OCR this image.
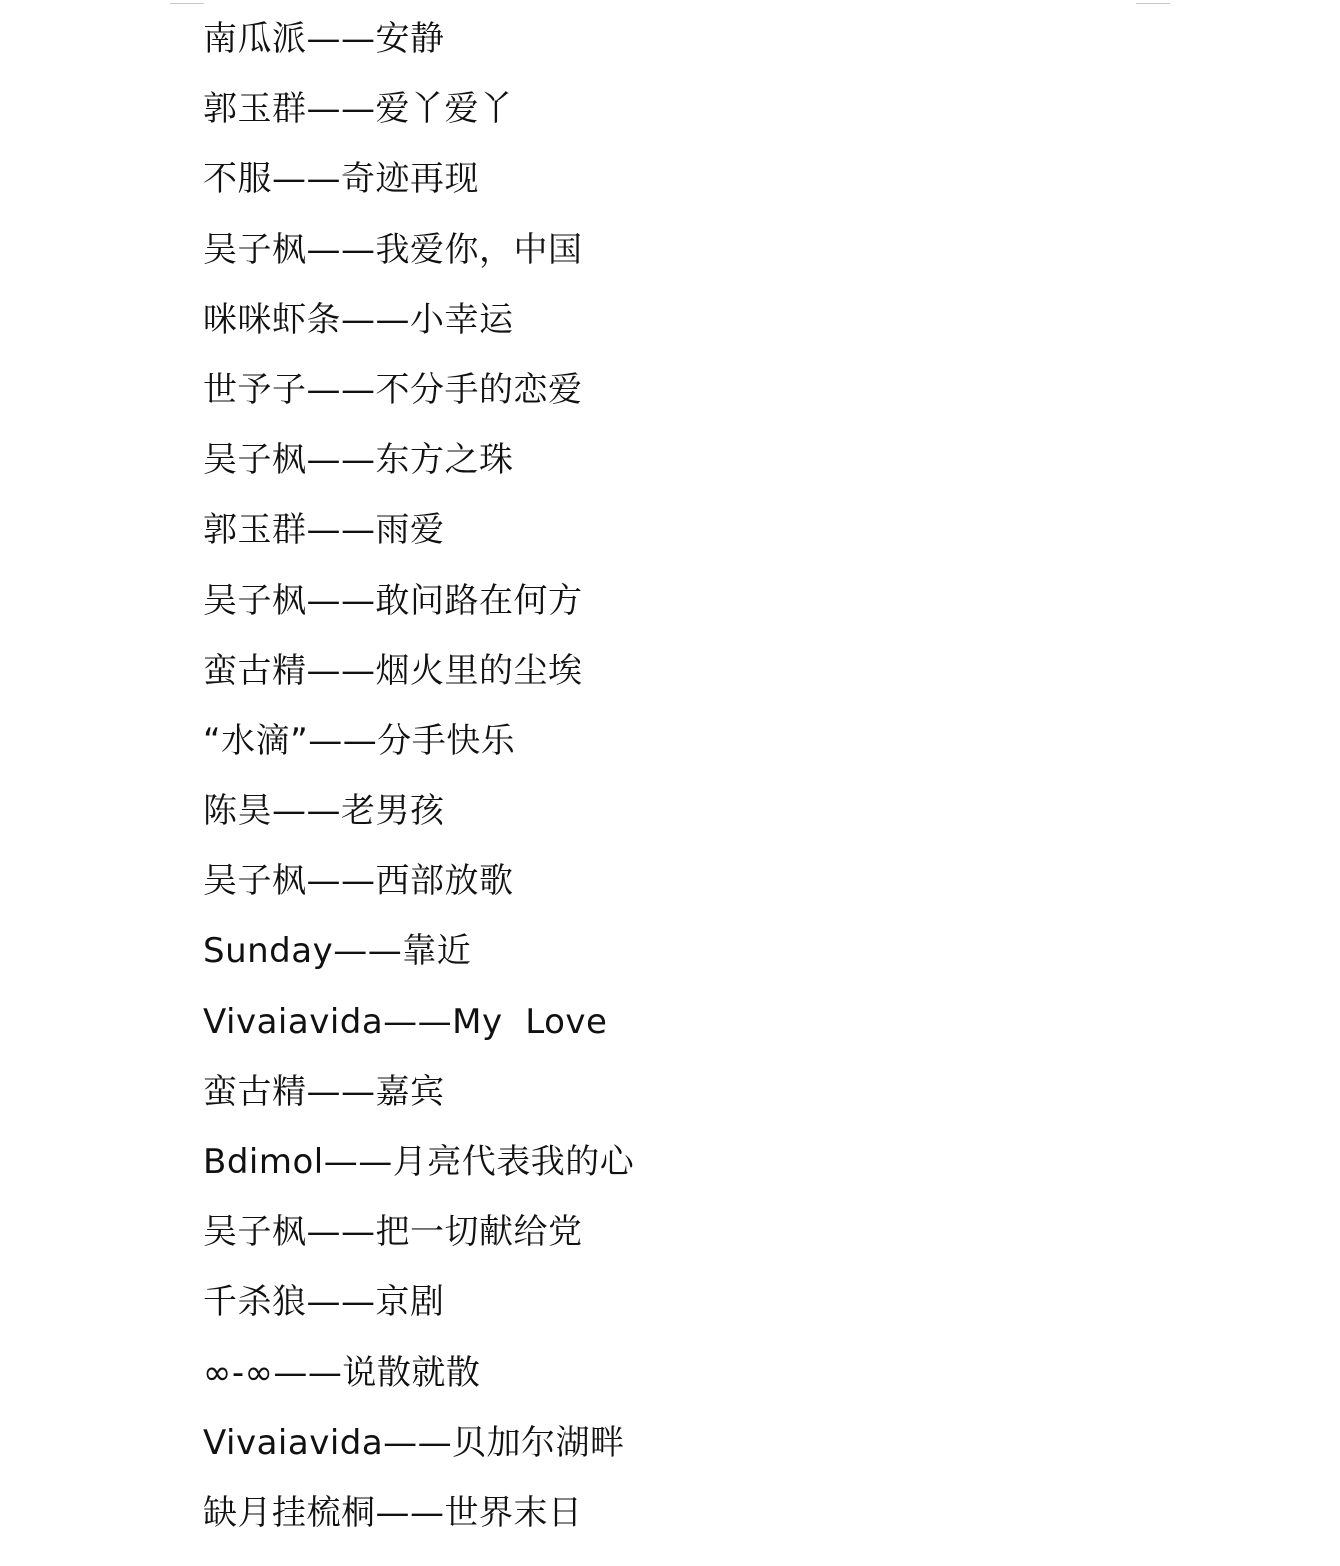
南瓜派——安静
郭玉群——爱丫爱丫
不服——奇迹再现
吴子枫——我爱你，中国
咪咪虾条——小幸运
世予子——不分手的恋爱
吴子枫——东方之珠
郭玉群——雨爱
吴子枫——敢问路在何方
蛮古精——烟火里的尘埃
“水滴”——分手快乐
陈昊——老男孩
吴子枫——西部放歌
Sunday——靠近
Vivaiavida——My  Love
蛮古精——嘉宾
Bdimol——月亮代表我的心
吴子枫——把一切献给党
千杀狼——京剧
∞-∞——说散就散
Vivaiavida——贝加尔湖畔
缺月挂梳桐——世界末日
